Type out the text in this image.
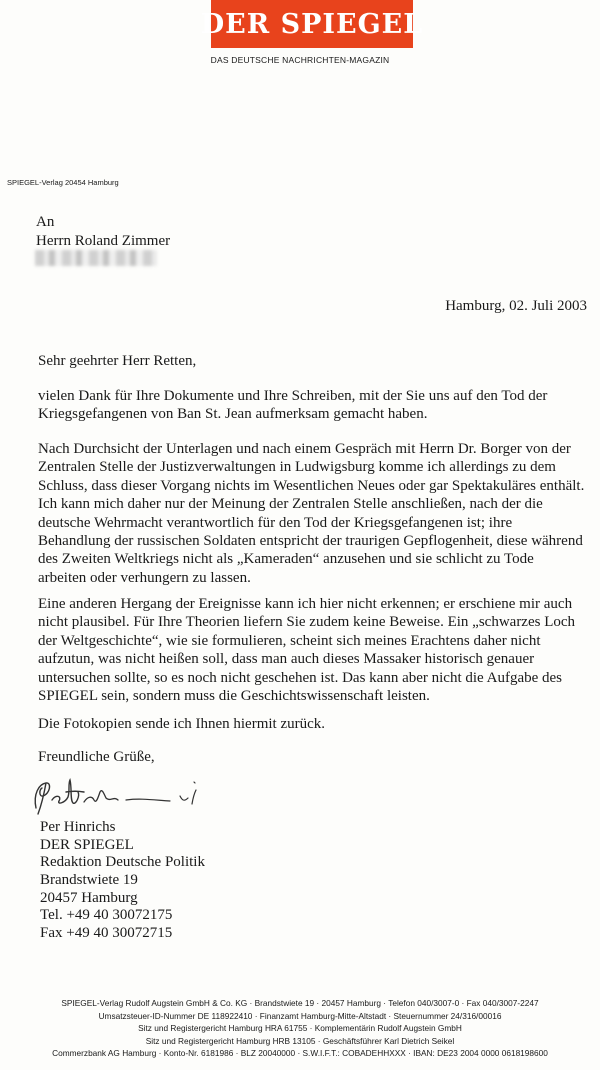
DER SPIEGEL
DAS DEUTSCHE NACHRICHTEN-MAGAZIN
SPIEGEL-Verlag 20454 Hamburg
An
Herrn Roland Zimmer
Hamburg, 02. Juli 2003

Sehr geehrter Herr Retten,

vielen Dank für Ihre Dokumente und Ihre Schreiben, mit der Sie uns auf den Tod der Kriegsgefangenen von Ban St. Jean aufmerksam gemacht haben.

Nach Durchsicht der Unterlagen und nach einem Gespräch mit Herrn Dr. Borger von der Zentralen Stelle der Justizverwaltungen in Ludwigsburg komme ich allerdings zu dem Schluss, dass dieser Vorgang nichts im Wesentlichen Neues oder gar Spektakuläres enthält. Ich kann mich daher nur der Meinung der Zentralen Stelle anschließen, nach der die deutsche Wehrmacht verantwortlich für den Tod der Kriegsgefangenen ist; ihre Behandlung der russischen Soldaten entspricht der traurigen Gepflogenheit, diese während des Zweiten Weltkriegs nicht als „Kameraden“ anzusehen und sie schlicht zu Tode arbeiten oder verhungern zu lassen.

Eine anderen Hergang der Ereignisse kann ich hier nicht erkennen; er erschiene mir auch nicht plausibel. Für Ihre Theorien liefern Sie zudem keine Beweise. Ein „schwarzes Loch der Weltgeschichte“, wie sie formulieren, scheint sich meines Erachtens daher nicht aufzutun, was nicht heißen soll, dass man auch dieses Massaker historisch genauer untersuchen sollte, so es noch nicht geschehen ist. Das kann aber nicht die Aufgabe des SPIEGEL sein, sondern muss die Geschichtswissenschaft leisten.

Die Fotokopien sende ich Ihnen hiermit zurück.

Freundliche Grüße,

Per Hinrichs
DER SPIEGEL
Redaktion Deutsche Politik
Brandstwiete 19
20457 Hamburg
Tel. +49 40 30072175
Fax +49 40 30072715
SPIEGEL-Verlag Rudolf Augstein GmbH & Co. KG · Brandstwiete 19 · 20457 Hamburg · Telefon 040/3007-0 · Fax 040/3007-2247
Umsatzsteuer-ID-Nummer DE 118922410 · Finanzamt Hamburg-Mitte-Altstadt · Steuernummer 24/316/00016
Sitz und Registergericht Hamburg HRA 61755 · Komplementärin Rudolf Augstein GmbH
Sitz und Registergericht Hamburg HRB 13105 · Geschäftsführer Karl Dietrich Seikel
Commerzbank AG Hamburg · Konto-Nr. 6181986 · BLZ 20040000 · S.W.I.F.T.: COBADEHHXXX · IBAN: DE23 2004 0000 0618198600
